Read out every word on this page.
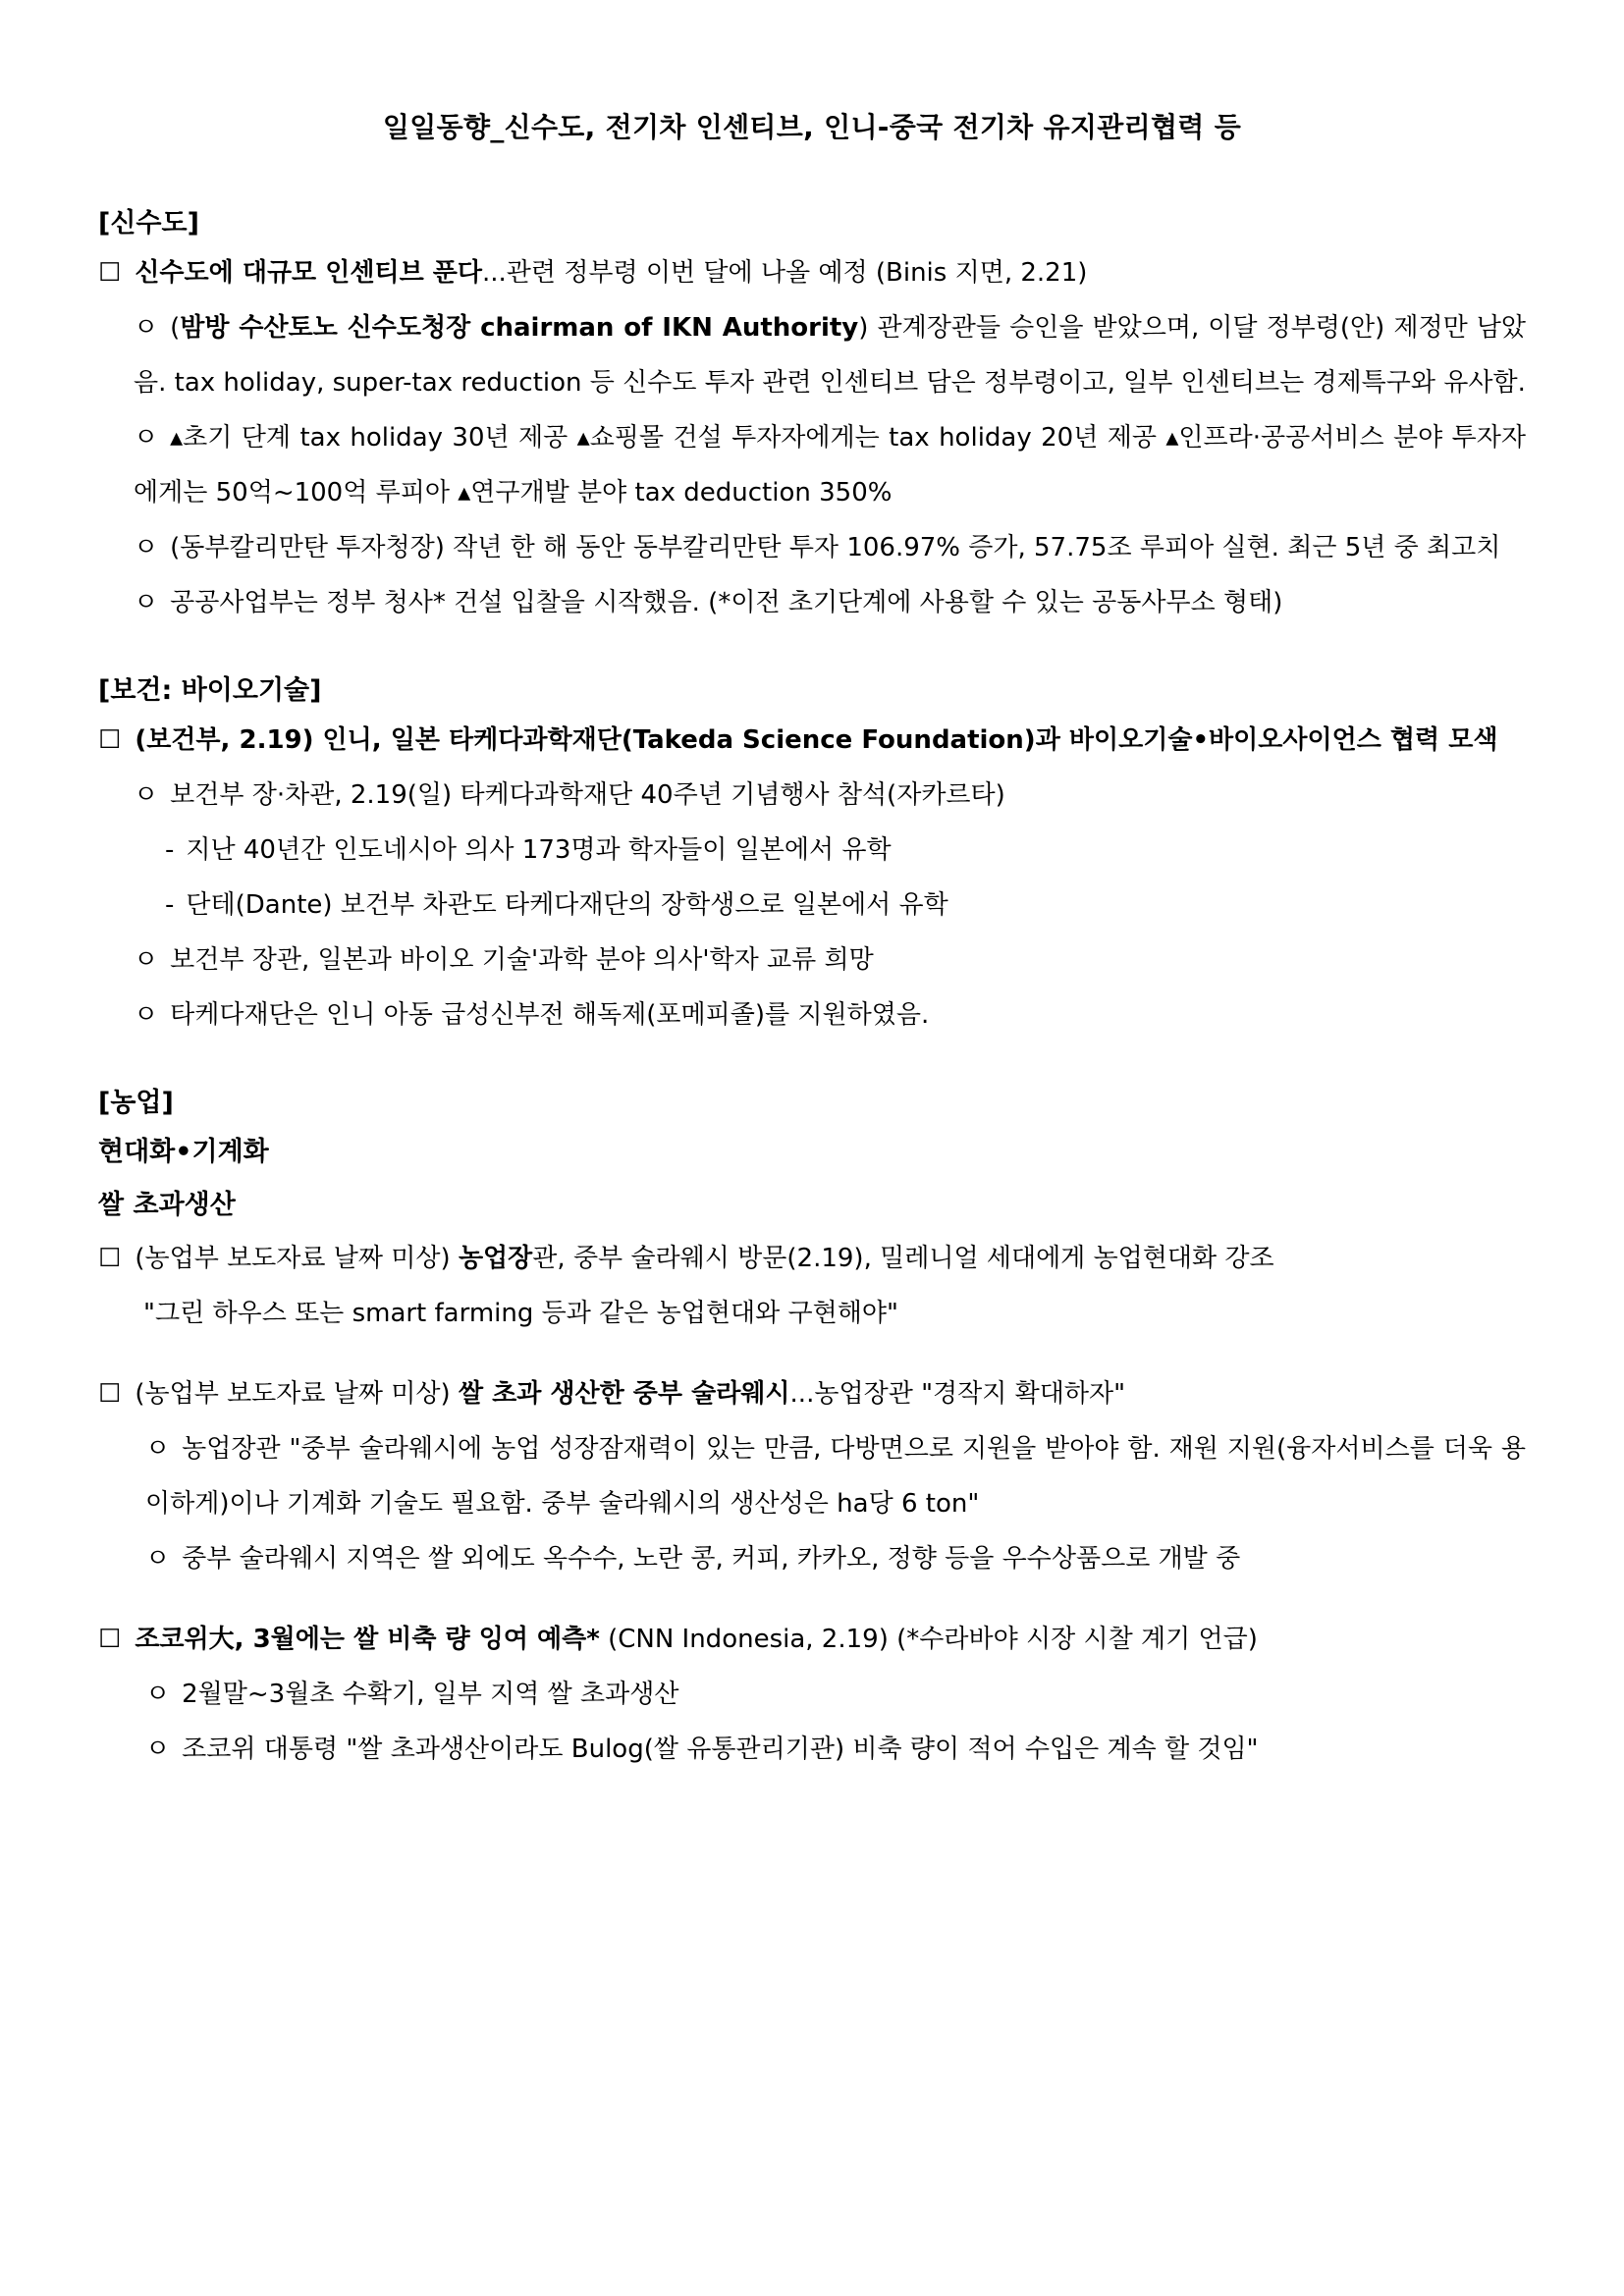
일일동향_신수도, 전기차 인센티브, 인니-중국 전기차 유지관리협력 등
[신수도]

☐ 신수도에 대규모 인센티브 푼다...관련 정부령 이번 달에 나올 예정 (Binis 지면, 2.21)

ㅇ (밤방 수산토노 신수도청장 chairman of IKN Authority) 관계장관들 승인을 받았으며, 이달 정부령(안) 제정만 남았음. tax holiday, super-tax reduction 등 신수도 투자 관련 인센티브 담은 정부령이고, 일부 인센티브는 경제특구와 유사함.

ㅇ ▴초기 단계 tax holiday 30년 제공 ▴쇼핑몰 건설 투자자에게는 tax holiday 20년 제공 ▴인프라·공공서비스 분야 투자자에게는 50억~100억 루피아 ▴연구개발 분야 tax deduction 350%

ㅇ (동부칼리만탄 투자청장) 작년 한 해 동안 동부칼리만탄 투자 106.97% 증가, 57.75조 루피아 실현. 최근 5년 중 최고치

ㅇ 공공사업부는 정부 청사* 건설 입찰을 시작했음. (*이전 초기단계에 사용할 수 있는 공동사무소 형태)

[보건: 바이오기술]

☐ (보건부, 2.19) 인니, 일본 타케다과학재단(Takeda Science Foundation)과 바이오기술•바이오사이언스 협력 모색

ㅇ 보건부 장·차관, 2.19(일) 타케다과학재단 40주년 기념행사 참석(자카르타)

- 지난 40년간 인도네시아 의사 173명과 학자들이 일본에서 유학

- 단테(Dante) 보건부 차관도 타케다재단의 장학생으로 일본에서 유학

ㅇ 보건부 장관, 일본과 바이오 기술'과학 분야 의사'학자 교류 희망

ㅇ 타케다재단은 인니 아동 급성신부전 해독제(포메피졸)를 지원하였음.

[농업]
현대화•기계화
쌀 초과생산

☐ (농업부 보도자료 날짜 미상) 농업장관, 중부 술라웨시 방문(2.19), 밀레니얼 세대에게 농업현대화 강조

"그린 하우스 또는 smart farming 등과 같은 농업현대와 구현해야"

☐ (농업부 보도자료 날짜 미상) 쌀 초과 생산한 중부 술라웨시...농업장관 "경작지 확대하자"

ㅇ 농업장관 "중부 술라웨시에 농업 성장잠재력이 있는 만큼, 다방면으로 지원을 받아야 함. 재원 지원(융자서비스를 더욱 용이하게)이나 기계화 기술도 필요함. 중부 술라웨시의 생산성은 ha당 6 ton"

ㅇ 중부 술라웨시 지역은 쌀 외에도 옥수수, 노란 콩, 커피, 카카오, 정향 등을 우수상품으로 개발 중

☐ 조코위大, 3월에는 쌀 비축 량 잉여 예측* (CNN Indonesia, 2.19) (*수라바야 시장 시찰 계기 언급)

ㅇ 2월말~3월초 수확기, 일부 지역 쌀 초과생산

ㅇ 조코위 대통령 "쌀 초과생산이라도 Bulog(쌀 유통관리기관) 비축 량이 적어 수입은 계속 할 것임"
